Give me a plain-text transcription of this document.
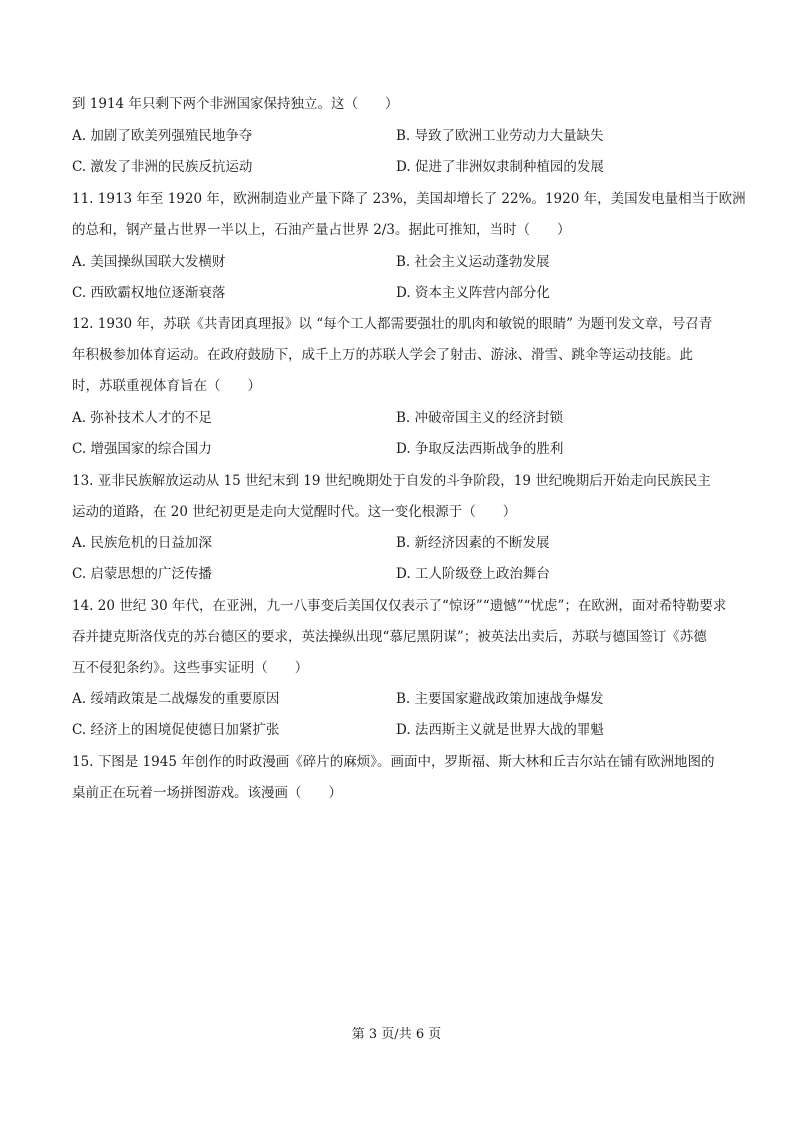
到 1914 年只剩下两个非洲国家保持独立。这（　　）
A. 加剧了欧美列强殖民地争夺	B. 导致了欧洲工业劳动力大量缺失
C. 激发了非洲的民族反抗运动	D. 促进了非洲奴隶制种植园的发展
11. 1913 年至 1920 年，欧洲制造业产量下降了 23%，美国却增长了 22%。1920 年，美国发电量相当于欧洲
的总和，钢产量占世界一半以上，石油产量占世界 2/3。据此可推知，当时（　　）
A. 美国操纵国联大发横财	B. 社会主义运动蓬勃发展
C. 西欧霸权地位逐渐衰落	D. 资本主义阵营内部分化
12. 1930 年，苏联《共青团真理报》以 “每个工人都需要强壮的肌肉和敏锐的眼睛” 为题刊发文章，号召青
年积极参加体育运动。在政府鼓励下，成千上万的苏联人学会了射击、游泳、滑雪、跳伞等运动技能。此
时，苏联重视体育旨在（　　）
A. 弥补技术人才的不足	B. 冲破帝国主义的经济封锁
C. 增强国家的综合国力	D. 争取反法西斯战争的胜利
13. 亚非民族解放运动从 15 世纪末到 19 世纪晚期处于自发的斗争阶段，19 世纪晚期后开始走向民族民主
运动的道路，在 20 世纪初更是走向大觉醒时代。这一变化根源于（　　）
A. 民族危机的日益加深	B. 新经济因素的不断发展
C. 启蒙思想的广泛传播	D. 工人阶级登上政治舞台
14. 20 世纪 30 年代，在亚洲，九一八事变后美国仅仅表示了“惊讶”“遗憾”“忧虑”；在欧洲，面对希特勒要求
吞并捷克斯洛伐克的苏台德区的要求，英法操纵出现“慕尼黑阴谋”；被英法出卖后，苏联与德国签订《苏德
互不侵犯条约》。这些事实证明（　　）
A. 绥靖政策是二战爆发的重要原因	B. 主要国家避战政策加速战争爆发
C. 经济上的困境促使德日加紧扩张	D. 法西斯主义就是世界大战的罪魁
15. 下图是 1945 年创作的时政漫画《碎片的麻烦》。画面中，罗斯福、斯大林和丘吉尔站在铺有欧洲地图的
桌前正在玩着一场拼图游戏。该漫画（　　）
第 3 页/共 6 页
